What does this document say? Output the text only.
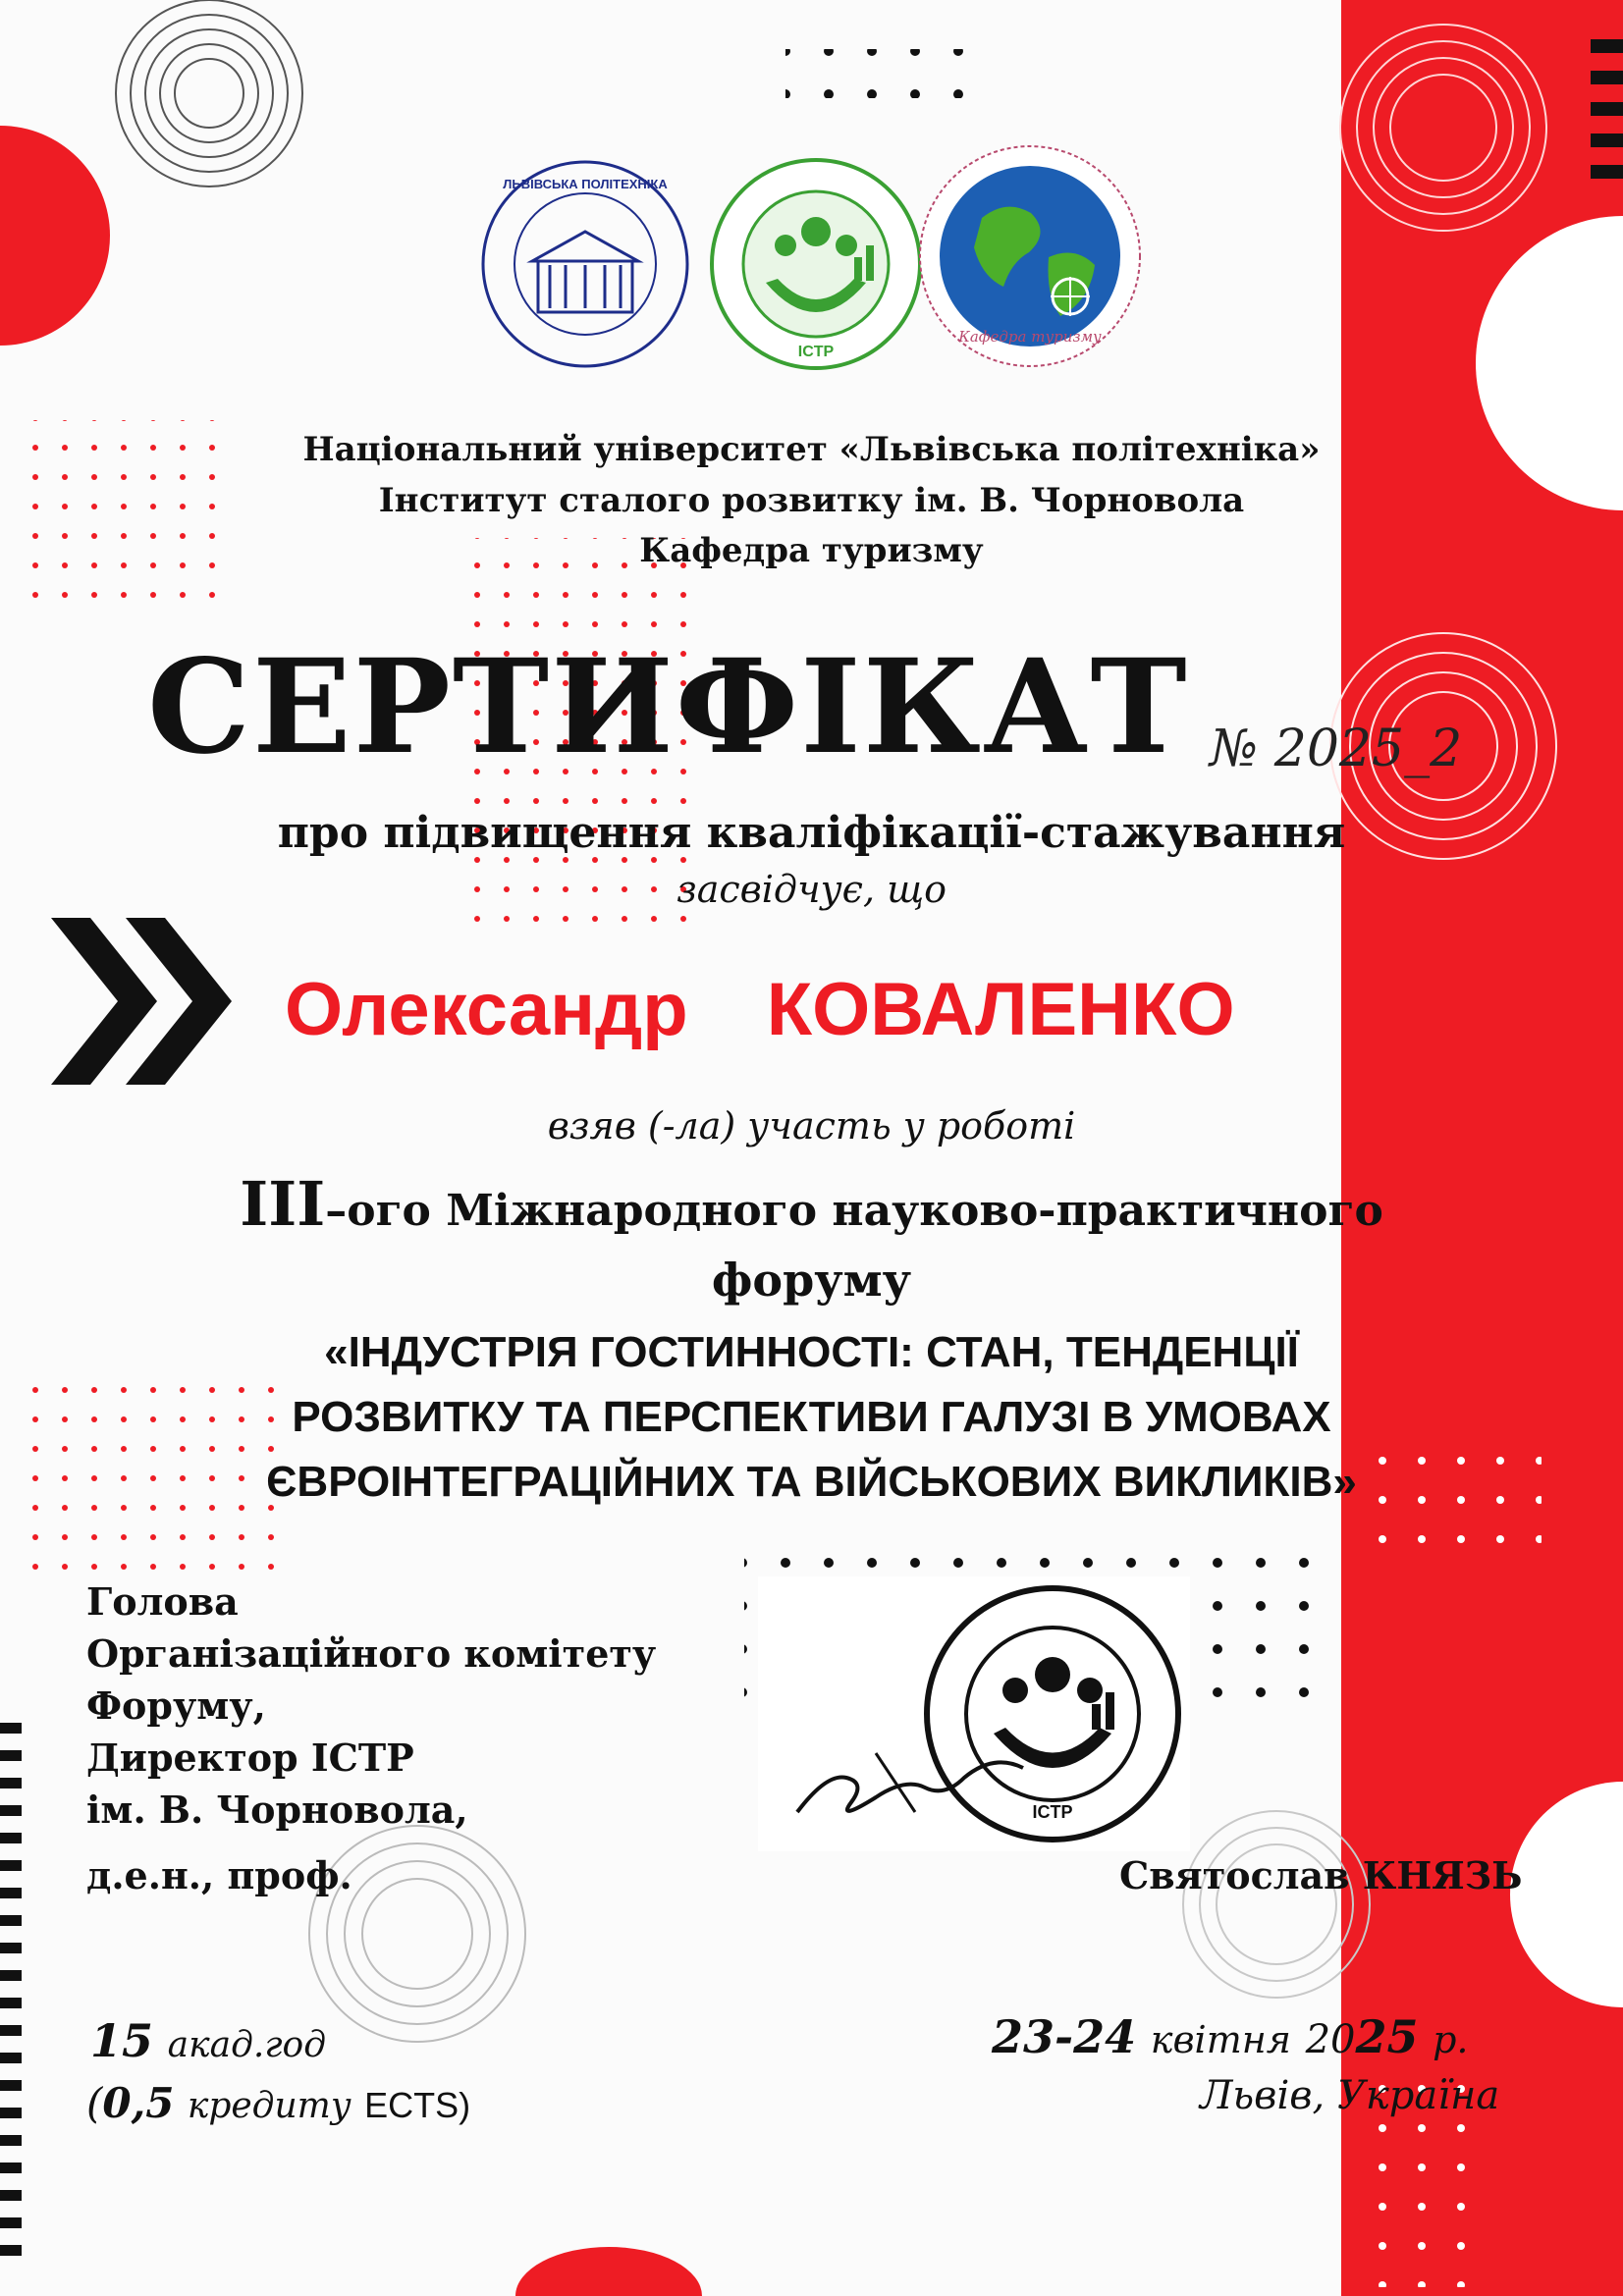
ЛЬВІВСЬКА ПОЛІТЕХНІКА
ICTP
Кафедра туризму
Національний університет «Львівська політехніка»
Інститут сталого розвитку ім. В. Чорновола
Кафедра туризму
СЕРТИФІКАТ № 2025_2
про підвищення кваліфікації-стажування
засвідчує, що
Олександр КОВАЛЕНКО
взяв (-ла) участь у роботі
III–ого Міжнародного науково-практичного
форуму
«ІНДУСТРІЯ ГОСТИННОСТІ: СТАН, ТЕНДЕНЦІЇ
РОЗВИТКУ ТА ПЕРСПЕКТИВИ ГАЛУЗІ В УМОВАХ
ЄВРОІНТЕГРАЦІЙНИХ ТА ВІЙСЬКОВИХ ВИКЛИКІВ»
Голова
Організаційного комітету
Форуму,
Директор ІСТР
ім. В. Чорновола,
д.е.н., проф.	Святослав КНЯЗЬ
ICTP
15 акад.год
(0,5 кредиту ECTS)
23-24 квітня 2025 р.
Львів, Україна
